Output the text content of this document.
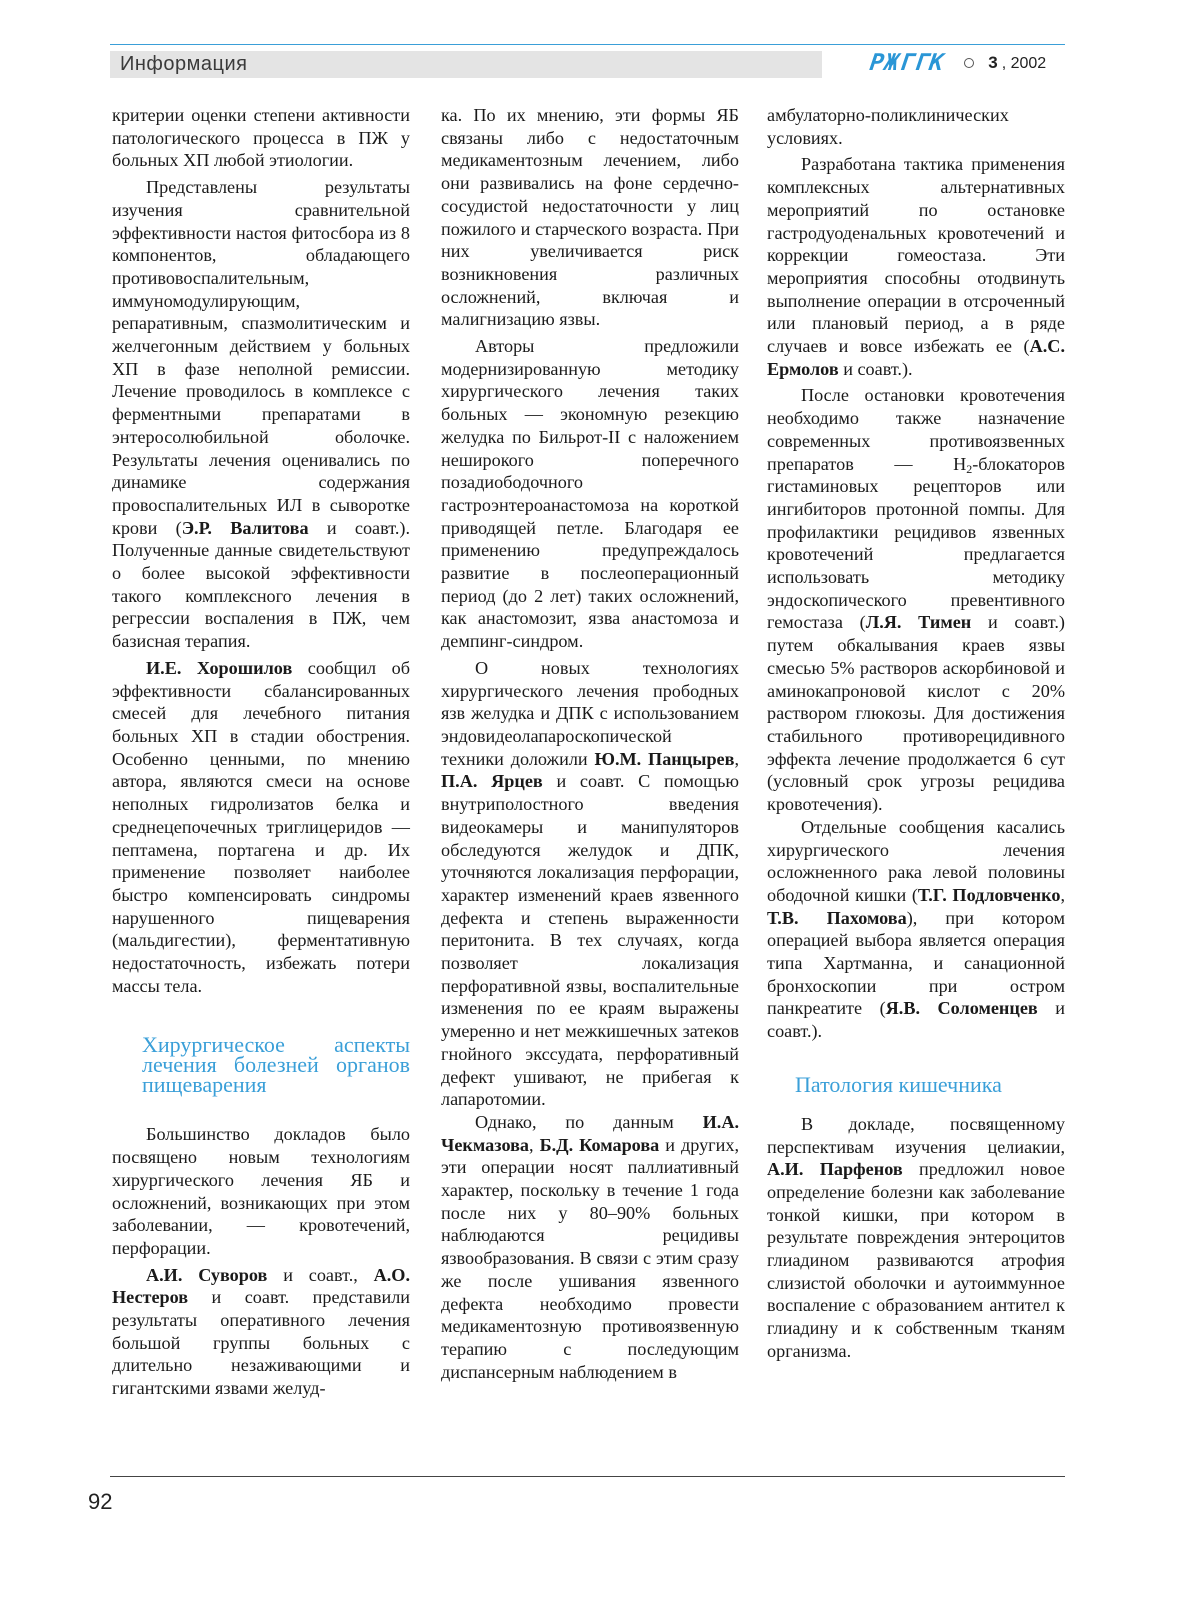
Информация	РЖГГК 3 , 2002

критерии оценки степени активности патологического процесса в ПЖ у больных ХП любой этиологии.

Представлены результаты изучения сравнительной эффективности настоя фитосбора из 8 компонентов, обладающего противовоспалительным, иммуномодулирующим, репаративным, спазмолитическим и желчегонным действием у больных ХП в фазе неполной ремиссии. Лечение проводилось в комплексе с ферментными препаратами в энтеросолюбильной оболочке. Результаты лечения оценивались по динамике содержания провоспалительных ИЛ в сыворотке крови (Э.Р. Валитова и соавт.). Полученные данные свидетельствуют о более высокой эффективности такого комплексного лечения в регрессии воспаления в ПЖ, чем базисная терапия.

И.Е. Хорошилов сообщил об эффективности сбалансированных смесей для лечебного питания больных ХП в стадии обострения. Особенно ценными, по мнению автора, являются смеси на основе неполных гидролизатов белка и среднецепочечных триглицеридов — пептамена, портагена и др. Их применение позволяет наиболее быстро компенсировать синдромы нарушенного пищеварения (мальдигестии), ферментативную недостаточность, избежать потери массы тела.

Хирургическое аспекты лечения болезней органов пищеварения

Большинство докладов было посвящено новым технологиям хирургического лечения ЯБ и осложнений, возникающих при этом заболевании, — кровотечений, перфорации.

А.И. Суворов и соавт., А.О. Нестеров и соавт. представили результаты оперативного лечения большой группы больных с длительно незаживающими и гигантскими язвами желуд-

ка. По их мнению, эти формы ЯБ связаны либо с недостаточным медикаментозным лечением, либо они развивались на фоне сердечно-сосудистой недостаточности у лиц пожилого и старческого возраста. При них увеличивается риск возникновения различных осложнений, включая и малигнизацию язвы.

Авторы предложили модернизированную методику хирургического лечения таких больных — экономную резекцию желудка по Бильрот-II с наложением неширокого поперечного позадиободочного гастроэнтероанастомоза на короткой приводящей петле. Благодаря ее применению предупреждалось развитие в послеоперационный период (до 2 лет) таких осложнений, как анастомозит, язва анастомоза и демпинг-синдром.

О новых технологиях хирургического лечения прободных язв желудка и ДПК с использованием эндовидеолапароскопической техники доложили Ю.М. Панцырев, П.А. Ярцев и соавт. С помощью внутриполостного введения видеокамеры и манипуляторов обследуются желудок и ДПК, уточняются локализация перфорации, характер изменений краев язвенного дефекта и степень выраженности перитонита. В тех случаях, когда позволяет локализация перфоративной язвы, воспалительные изменения по ее краям выражены умеренно и нет межкишечных затеков гнойного экссудата, перфоративный дефект ушивают, не прибегая к лапаротомии.

Однако, по данным И.А. Чекмазова, Б.Д. Комарова и других, эти операции носят паллиативный характер, поскольку в течение 1 года после них у 80–90% больных наблюдаются рецидивы язвообразования. В связи с этим сразу же после ушивания язвенного дефекта необходимо провести медикаментозную противоязвенную терапию с последующим диспансерным наблюдением в

амбулаторно-поликлинических условиях.

Разработана тактика применения комплексных альтернативных мероприятий по остановке гастродуоденальных кровотечений и коррекции гомеостаза. Эти мероприятия способны отодвинуть выполнение операции в отсроченный или плановый период, а в ряде случаев и вовсе избежать ее (А.С. Ермолов и соавт.).

После остановки кровотечения необходимо также назначение современных противоязвенных препаратов — $H_2$-блокаторов гистаминовых рецепторов или ингибиторов протонной помпы. Для профилактики рецидивов язвенных кровотечений предлагается использовать методику эндоскопического превентивного гемостаза (Л.Я. Тимен и соавт.) путем обкалывания краев язвы смесью 5% растворов аскорбиновой и аминокапроновой кислот с 20% раствором глюкозы. Для достижения стабильного противорецидивного эффекта лечение продолжается 6 сут (условный срок угрозы рецидива кровотечения).

Отдельные сообщения касались хирургического лечения осложненного рака левой половины ободочной кишки (Т.Г. Подловченко, Т.В. Пахомова), при котором операцией выбора является операция типа Хартманна, и санационной бронхоскопии при остром панкреатите (Я.В. Соломенцев и соавт.).

Патология кишечника

В докладе, посвященному перспективам изучения целиакии, А.И. Парфенов предложил новое определение болезни как заболевание тонкой кишки, при котором в результате повреждения энтероцитов глиадином развиваются атрофия слизистой оболочки и аутоиммунное воспаление с образованием антител к глиадину и к собственным тканям организма.

92
